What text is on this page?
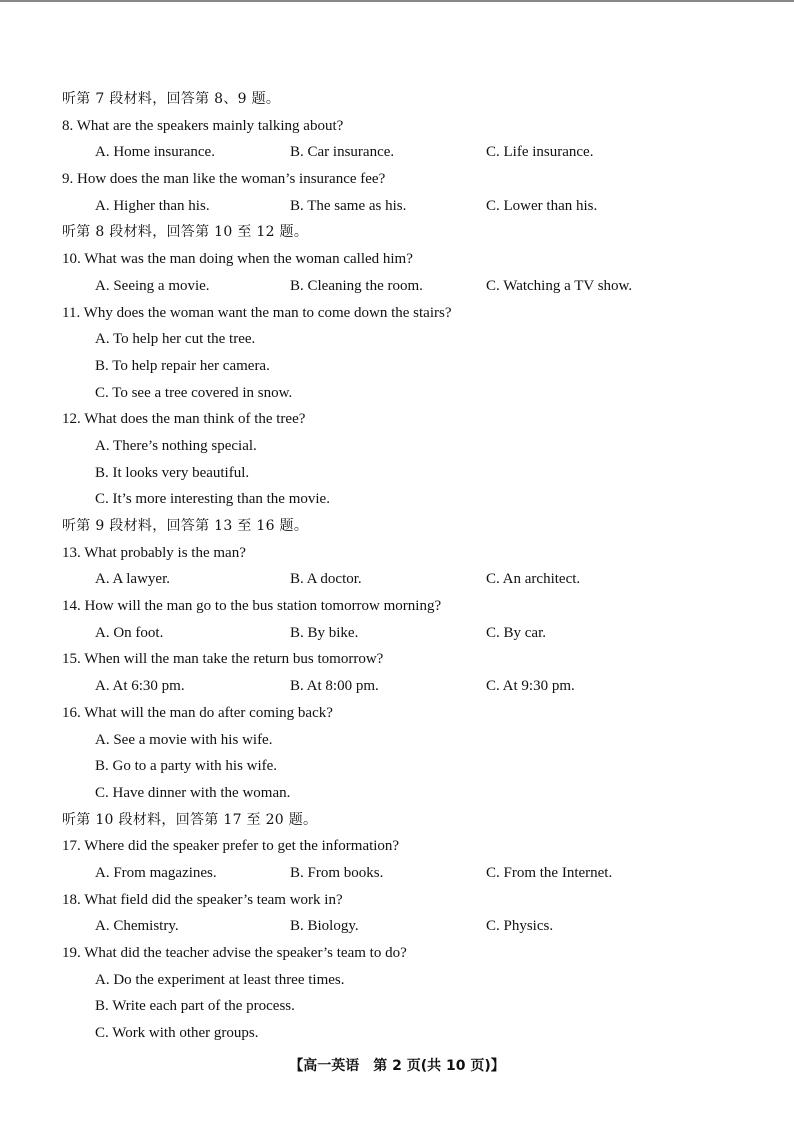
听第 7 段材料，回答第 8、9 题。
8. What are the speakers mainly talking about?
A. Home insurance.	B. Car insurance.	C. Life insurance.
9. How does the man like the woman’s insurance fee?
A. Higher than his.	B. The same as his.	C. Lower than his.
听第 8 段材料，回答第 10 至 12 题。
10. What was the man doing when the woman called him?
A. Seeing a movie.	B. Cleaning the room.	C. Watching a TV show.
11. Why does the woman want the man to come down the stairs?
A. To help her cut the tree.
B. To help repair her camera.
C. To see a tree covered in snow.
12. What does the man think of the tree?
A. There’s nothing special.
B. It looks very beautiful.
C. It’s more interesting than the movie.
听第 9 段材料，回答第 13 至 16 题。
13. What probably is the man?
A. A lawyer.	B. A doctor.	C. An architect.
14. How will the man go to the bus station tomorrow morning?
A. On foot.	B. By bike.	C. By car.
15. When will the man take the return bus tomorrow?
A. At 6:30 pm.	B. At 8:00 pm.	C. At 9:30 pm.
16. What will the man do after coming back?
A. See a movie with his wife.
B. Go to a party with his wife.
C. Have dinner with the woman.
听第 10 段材料，回答第 17 至 20 题。
17. Where did the speaker prefer to get the information?
A. From magazines.	B. From books.	C. From the Internet.
18. What field did the speaker’s team work in?
A. Chemistry.	B. Biology.	C. Physics.
19. What did the teacher advise the speaker’s team to do?
A. Do the experiment at least three times.
B. Write each part of the process.
C. Work with other groups.
【高一英语　第 2 页(共 10 页)】
